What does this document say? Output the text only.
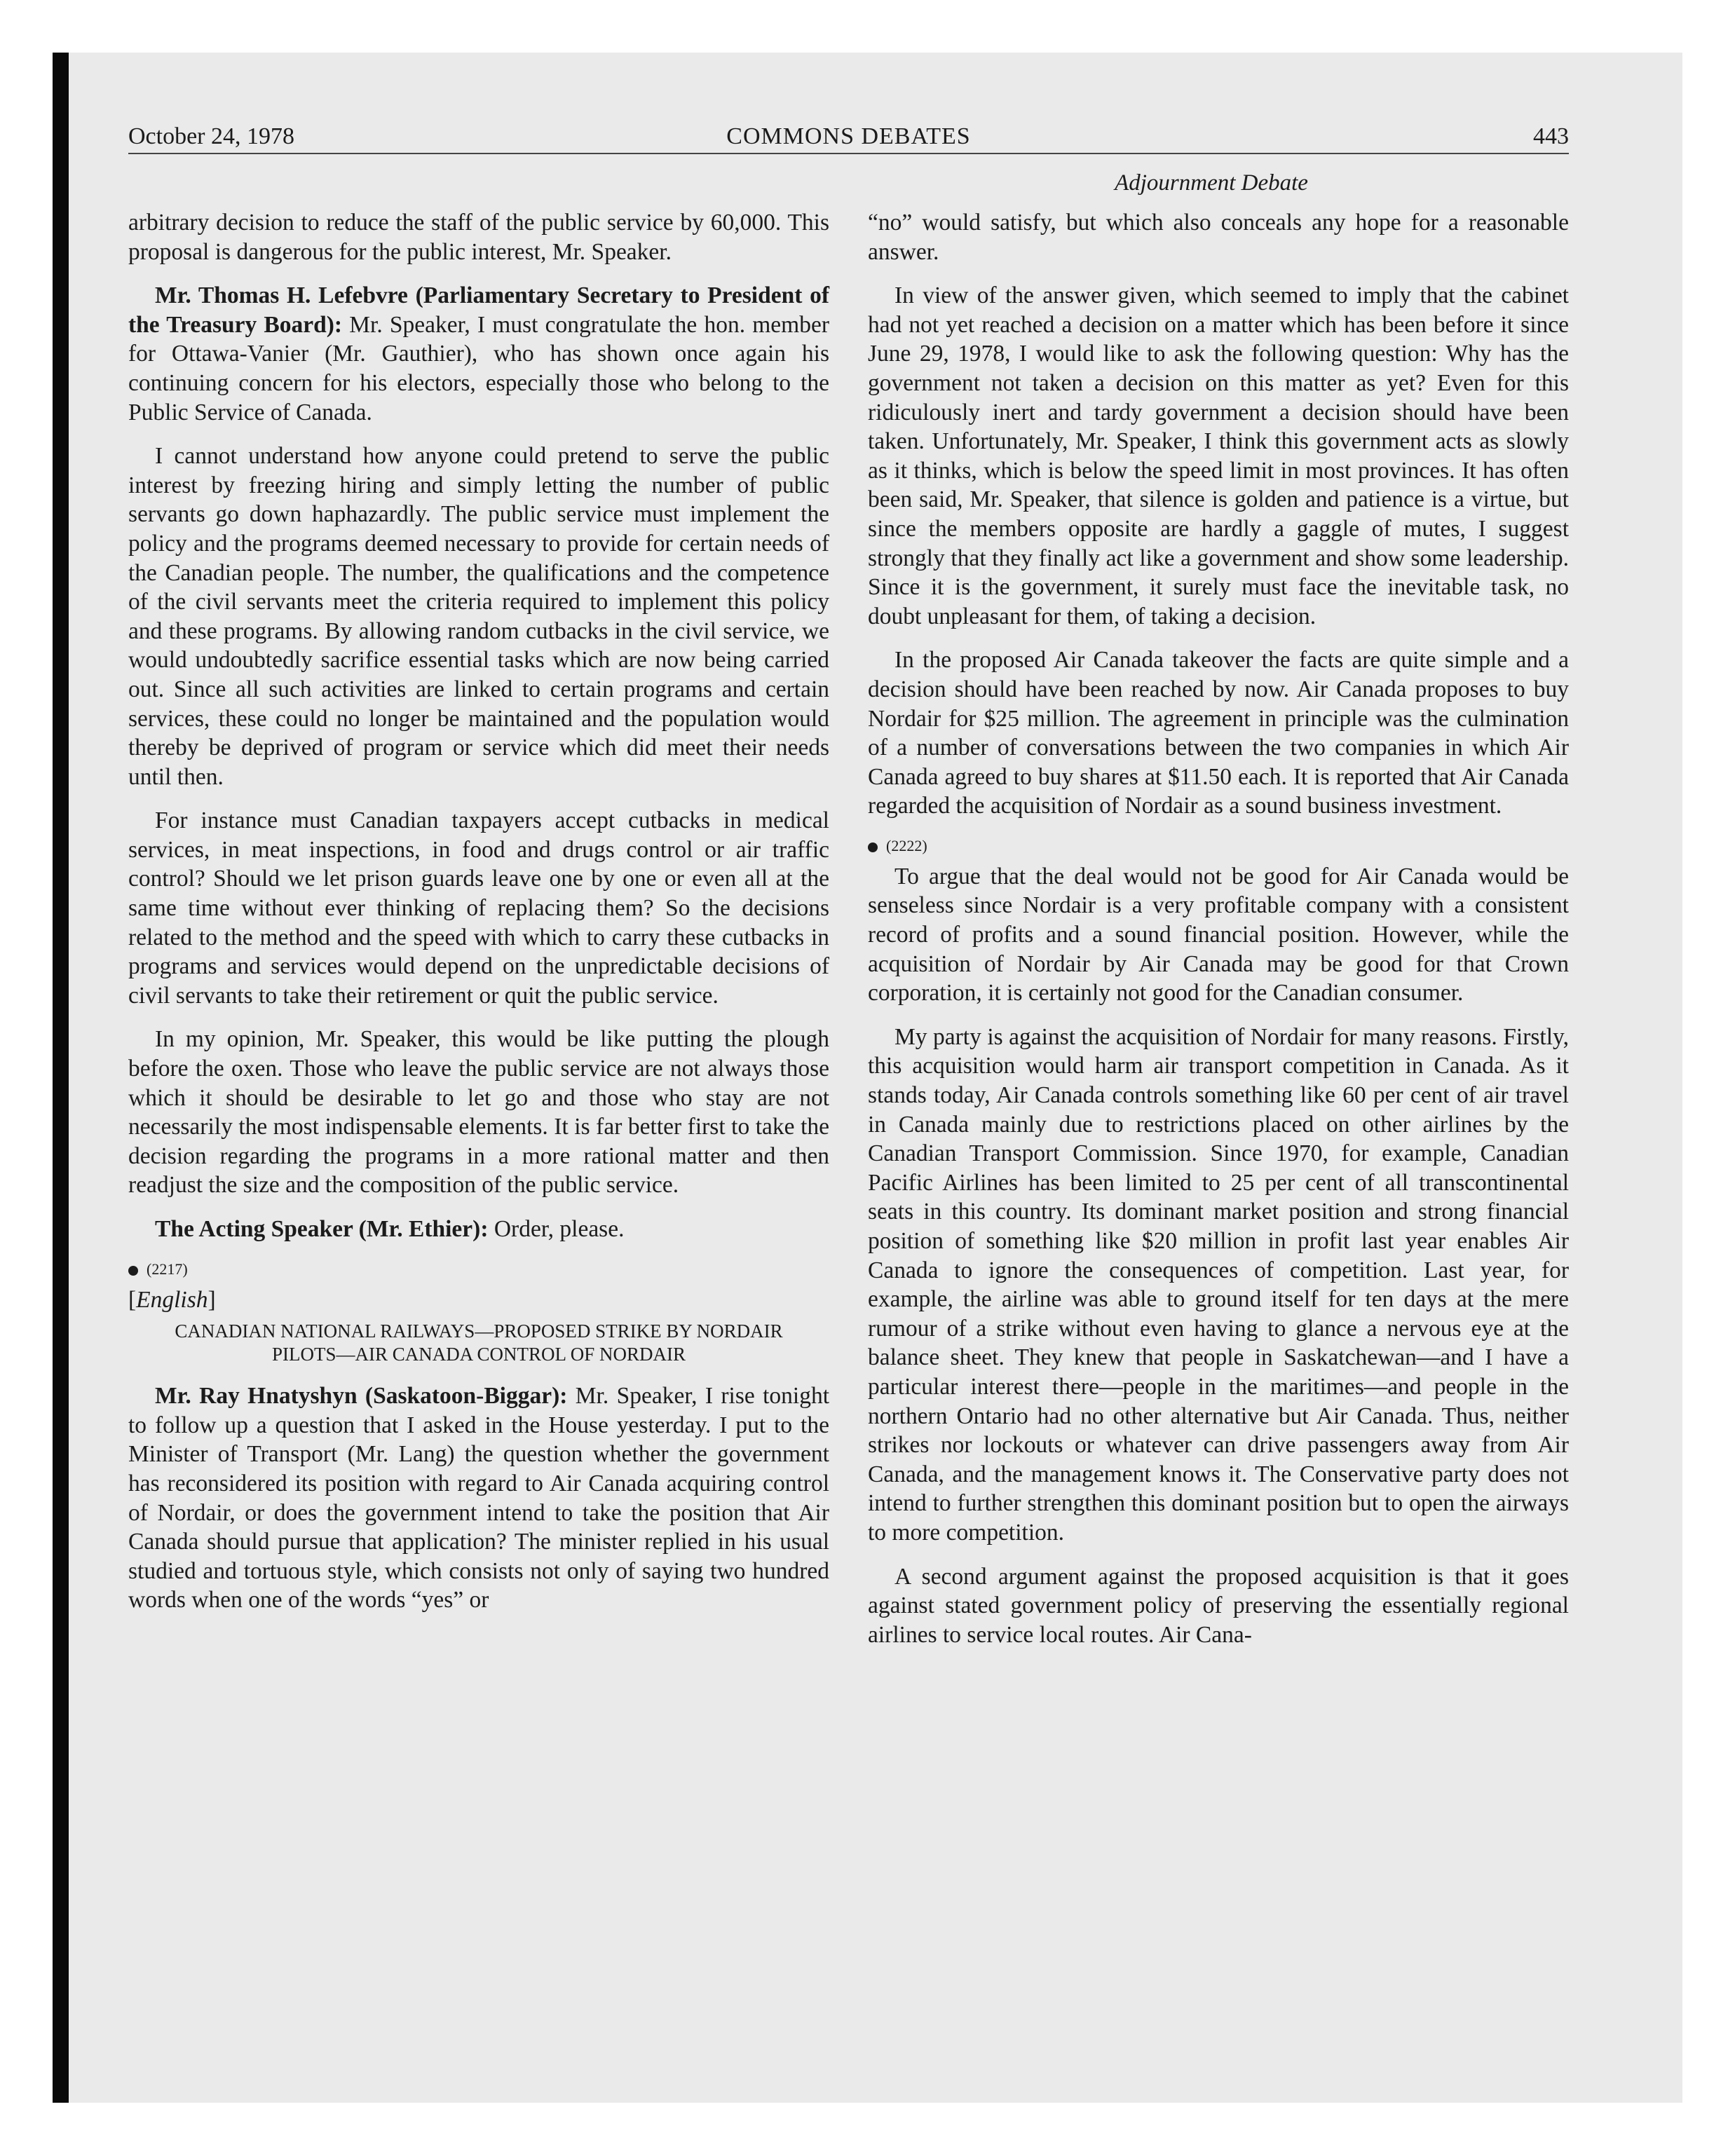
October 24, 1978	COMMONS DEBATES	443
Adjournment Debate

arbitrary decision to reduce the staff of the public service by 60,000. This proposal is dangerous for the public interest, Mr. Speaker.

Mr. Thomas H. Lefebvre (Parliamentary Secretary to President of the Treasury Board): Mr. Speaker, I must congratulate the hon. member for Ottawa-Vanier (Mr. Gauthier), who has shown once again his continuing concern for his electors, especially those who belong to the Public Service of Canada.

I cannot understand how anyone could pretend to serve the public interest by freezing hiring and simply letting the number of public servants go down haphazardly. The public service must implement the policy and the programs deemed necessary to provide for certain needs of the Canadian people. The number, the qualifications and the competence of the civil servants meet the criteria required to implement this policy and these programs. By allowing random cutbacks in the civil service, we would undoubtedly sacrifice essential tasks which are now being carried out. Since all such activities are linked to certain programs and certain services, these could no longer be maintained and the population would thereby be deprived of program or service which did meet their needs until then.

For instance must Canadian taxpayers accept cutbacks in medical services, in meat inspections, in food and drugs control or air traffic control? Should we let prison guards leave one by one or even all at the same time without ever thinking of replacing them? So the decisions related to the method and the speed with which to carry these cutbacks in programs and services would depend on the unpredictable decisions of civil servants to take their retirement or quit the public service.

In my opinion, Mr. Speaker, this would be like putting the plough before the oxen. Those who leave the public service are not always those which it should be desirable to let go and those who stay are not necessarily the most indispensable elements. It is far better first to take the decision regarding the programs in a more rational matter and then readjust the size and the composition of the public service.

The Acting Speaker (Mr. Ethier): Order, please.

(2217)
[English]
CANADIAN NATIONAL RAILWAYS—PROPOSED STRIKE BY NORDAIR PILOTS—AIR CANADA CONTROL OF NORDAIR

Mr. Ray Hnatyshyn (Saskatoon-Biggar): Mr. Speaker, I rise tonight to follow up a question that I asked in the House yesterday. I put to the Minister of Transport (Mr. Lang) the question whether the government has reconsidered its position with regard to Air Canada acquiring control of Nordair, or does the government intend to take the position that Air Canada should pursue that application? The minister replied in his usual studied and tortuous style, which consists not only of saying two hundred words when one of the words “yes” or

“no” would satisfy, but which also conceals any hope for a reasonable answer.

In view of the answer given, which seemed to imply that the cabinet had not yet reached a decision on a matter which has been before it since June 29, 1978, I would like to ask the following question: Why has the government not taken a decision on this matter as yet? Even for this ridiculously inert and tardy government a decision should have been taken. Unfortunately, Mr. Speaker, I think this government acts as slowly as it thinks, which is below the speed limit in most provinces. It has often been said, Mr. Speaker, that silence is golden and patience is a virtue, but since the members opposite are hardly a gaggle of mutes, I suggest strongly that they finally act like a government and show some leadership. Since it is the government, it surely must face the inevitable task, no doubt unpleasant for them, of taking a decision.

In the proposed Air Canada takeover the facts are quite simple and a decision should have been reached by now. Air Canada proposes to buy Nordair for $25 million. The agreement in principle was the culmination of a number of conversations between the two companies in which Air Canada agreed to buy shares at $11.50 each. It is reported that Air Canada regarded the acquisition of Nordair as a sound business investment.

(2222)

To argue that the deal would not be good for Air Canada would be senseless since Nordair is a very profitable company with a consistent record of profits and a sound financial position. However, while the acquisition of Nordair by Air Canada may be good for that Crown corporation, it is certainly not good for the Canadian consumer.

My party is against the acquisition of Nordair for many reasons. Firstly, this acquisition would harm air transport competition in Canada. As it stands today, Air Canada controls something like 60 per cent of air travel in Canada mainly due to restrictions placed on other airlines by the Canadian Transport Commission. Since 1970, for example, Canadian Pacific Airlines has been limited to 25 per cent of all transcontinental seats in this country. Its dominant market position and strong financial position of something like $20 million in profit last year enables Air Canada to ignore the consequences of competition. Last year, for example, the airline was able to ground itself for ten days at the mere rumour of a strike without even having to glance a nervous eye at the balance sheet. They knew that people in Saskatchewan—and I have a particular interest there—people in the maritimes—and people in the northern Ontario had no other alternative but Air Canada. Thus, neither strikes nor lockouts or whatever can drive passengers away from Air Canada, and the management knows it. The Conservative party does not intend to further strengthen this dominant position but to open the airways to more competition.

A second argument against the proposed acquisition is that it goes against stated government policy of preserving the essentially regional airlines to service local routes. Air Cana-
